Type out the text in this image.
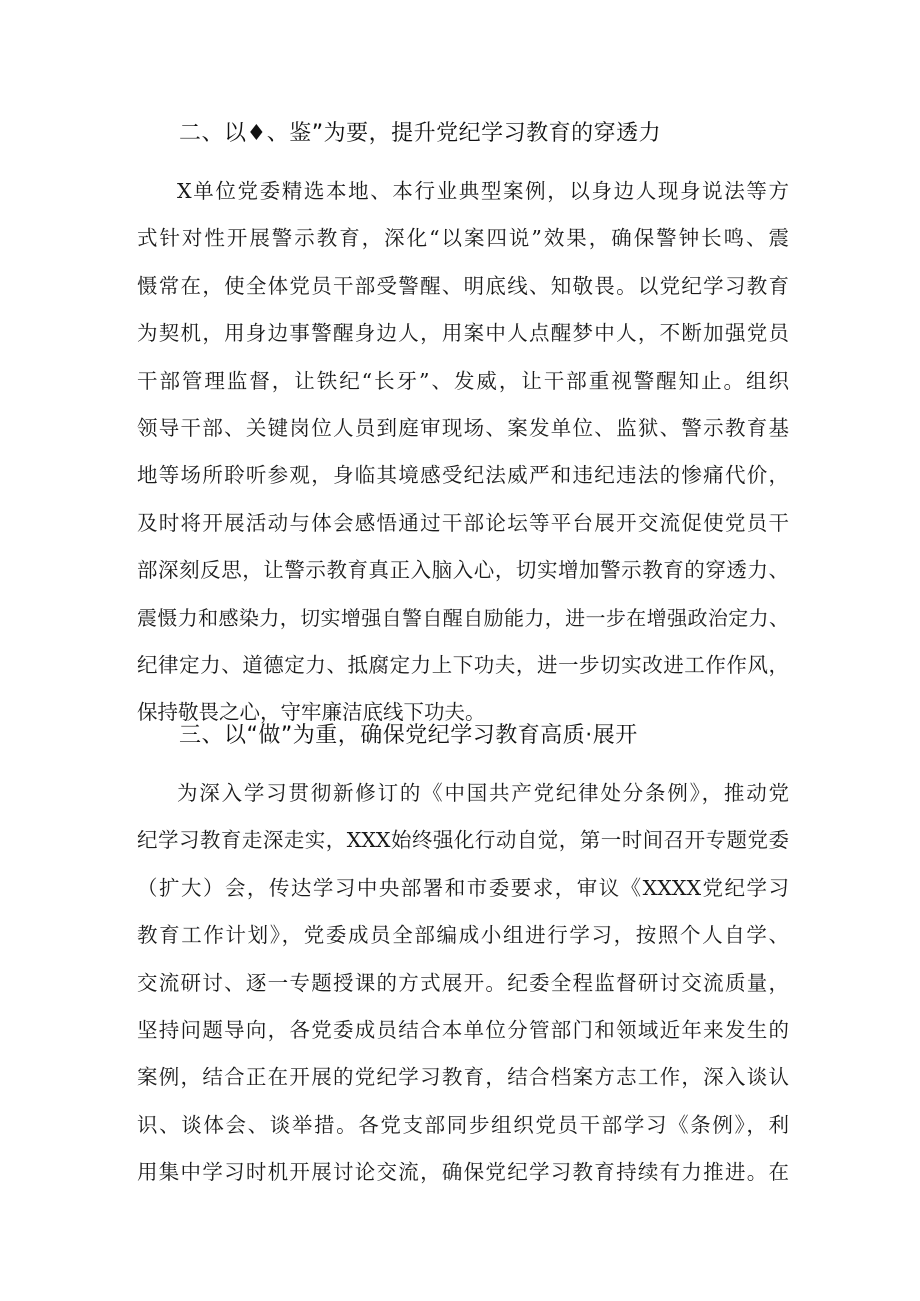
二、以♦、鉴”为要，提升党纪学习教育的穿透力
X单位党委精选本地、本行业典型案例，以身边人现身说法等方
式针对性开展警示教育，深化“以案四说”效果，确保警钟长鸣、震
慑常在，使全体党员干部受警醒、明底线、知敬畏。以党纪学习教育
为契机，用身边事警醒身边人，用案中人点醒梦中人，不断加强党员
干部管理监督，让铁纪“长牙”、发威，让干部重视警醒知止。组织
领导干部、关键岗位人员到庭审现场、案发单位、监狱、警示教育基
地等场所聆听参观，身临其境感受纪法威严和违纪违法的惨痛代价，
及时将开展活动与体会感悟通过干部论坛等平台展开交流促使党员干
部深刻反思，让警示教育真正入脑入心，切实增加警示教育的穿透力、
震慑力和感染力，切实增强自警自醒自励能力，进一步在增强政治定力、
纪律定力、道德定力、抵腐定力上下功夫，进一步切实改进工作作风，
保持敬畏之心，守牢廉洁底线下功夫。
三、以“做”为重，确保党纪学习教育高质·展开
为深入学习贯彻新修订的《中国共产党纪律处分条例》，推动党
纪学习教育走深走实，XXX始终强化行动自觉，第一时间召开专题党委
（扩大）会，传达学习中央部署和市委要求，审议《XXXX党纪学习
教育工作计划》，党委成员全部编成小组进行学习，按照个人自学、
交流研讨、逐一专题授课的方式展开。纪委全程监督研讨交流质量，
坚持问题导向，各党委成员结合本单位分管部门和领域近年来发生的
案例，结合正在开展的党纪学习教育，结合档案方志工作，深入谈认
识、谈体会、谈举措。各党支部同步组织党员干部学习《条例》，利
用集中学习时机开展讨论交流，确保党纪学习教育持续有力推进。在
